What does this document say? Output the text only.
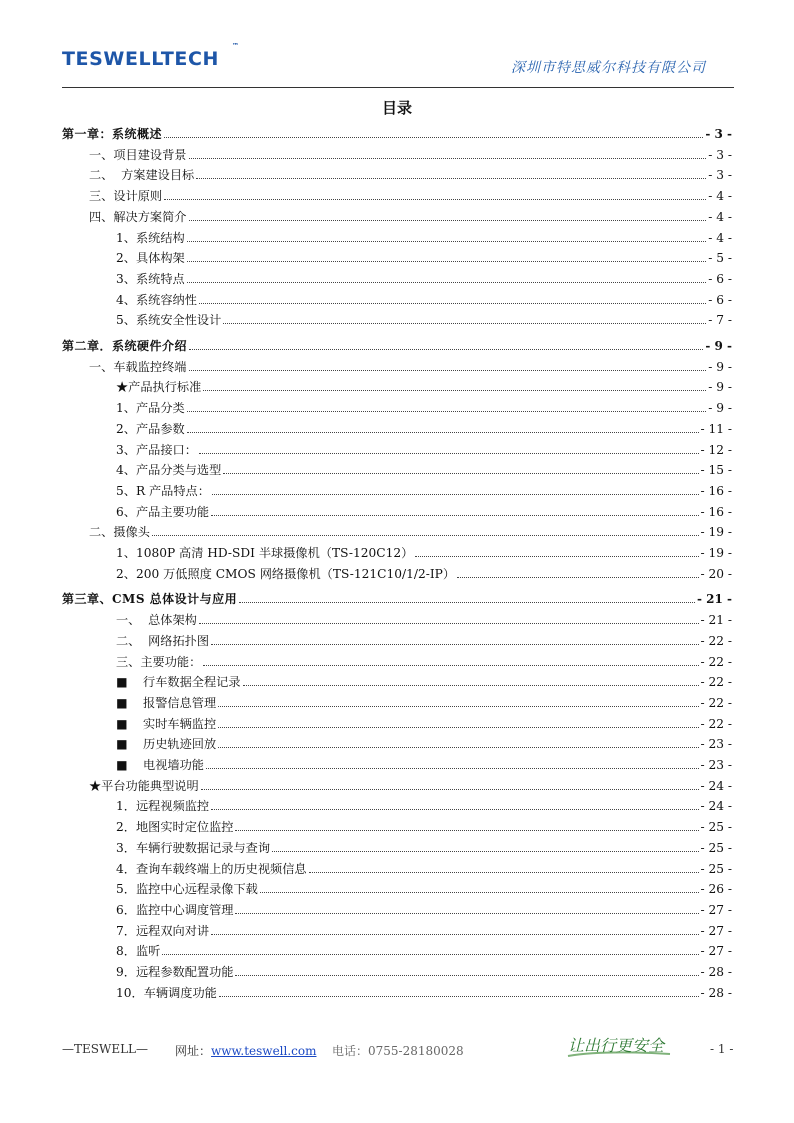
TESWELLTECH
™
深圳市特思威尔科技有限公司
目录
第一章：系统概述	- 3 -
一、项目建设背景	- 3 -
二、  方案建设目标	- 3 -
三、设计原则	- 4 -
四、解决方案简介	- 4 -
1、系统结构	- 4 -
2、具体构架	- 5 -
3、系统特点	- 6 -
4、系统容纳性	- 6 -
5、系统安全性设计	- 7 -
第二章．系统硬件介绍	- 9 -
一、车载监控终端	- 9 -
★产品执行标准	- 9 -
1、产品分类	- 9 -
2、产品参数	- 11 -
3、产品接口：	- 12 -
4、产品分类与选型	- 15 -
5、R 产品特点：	- 16 -
6、产品主要功能	- 16 -
二、摄像头	- 19 -
1、1080P 高清 HD-SDI 半球摄像机（TS-120C12）	- 19 -
2、200 万低照度 CMOS 网络摄像机（TS-121C10/1/2-IP）	- 20 -
第三章、CMS 总体设计与应用	- 21 -
一、  总体架构	- 21 -
二、  网络拓扑图	- 22 -
三、主要功能：	- 22 -
■    行车数据全程记录	- 22 -
■    报警信息管理	- 22 -
■    实时车辆监控	- 22 -
■    历史轨迹回放	- 23 -
■    电视墙功能	- 23 -
★平台功能典型说明	- 24 -
1．远程视频监控	- 24 -
2．地图实时定位监控	- 25 -
3．车辆行驶数据记录与查询	- 25 -
4．查询车载终端上的历史视频信息	- 25 -
5．监控中心远程录像下载	- 26 -
6．监控中心调度管理	- 27 -
7．远程双向对讲	- 27 -
8．监听	- 27 -
9．远程参数配置功能	- 28 -
10．车辆调度功能	- 28 -
—TESWELL— 网址：www.teswell.com 电话：0755-28180028	让出行更安全	- 1 -
